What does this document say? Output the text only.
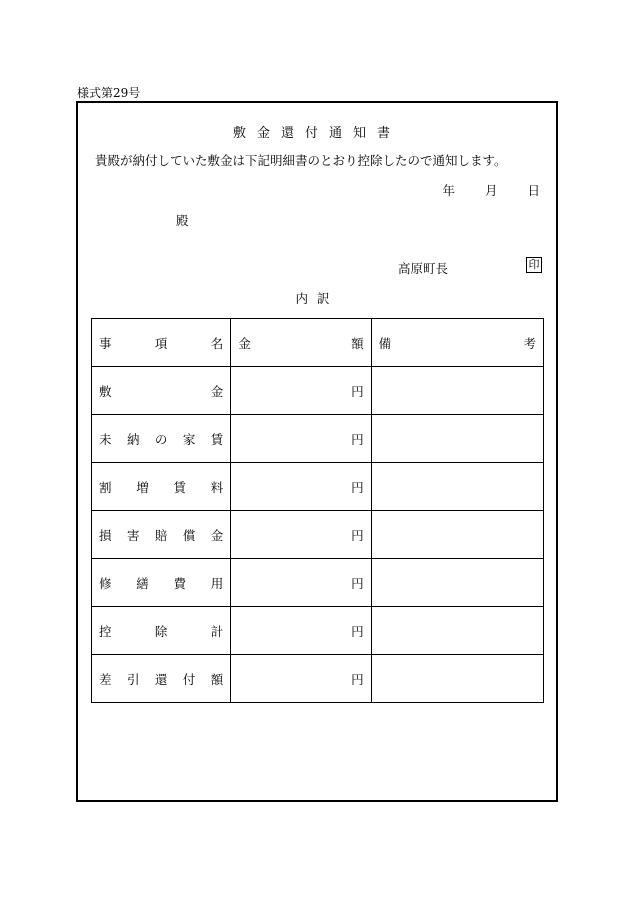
様式第29号
敷金還付通知書
貴殿が納付していた敷金は下記明細書のとおり控除したので通知します。
年 月 日
殿
高原町長	印
内訳
事 項 名	金 額	備 考

敷 金	円	

未 納 の 家 賃	円	

割 増 賃 料	円	

損 害 賠 償 金	円	

修 繕 費 用	円	

控 除 計	円	

差 引 還 付 額	円	
